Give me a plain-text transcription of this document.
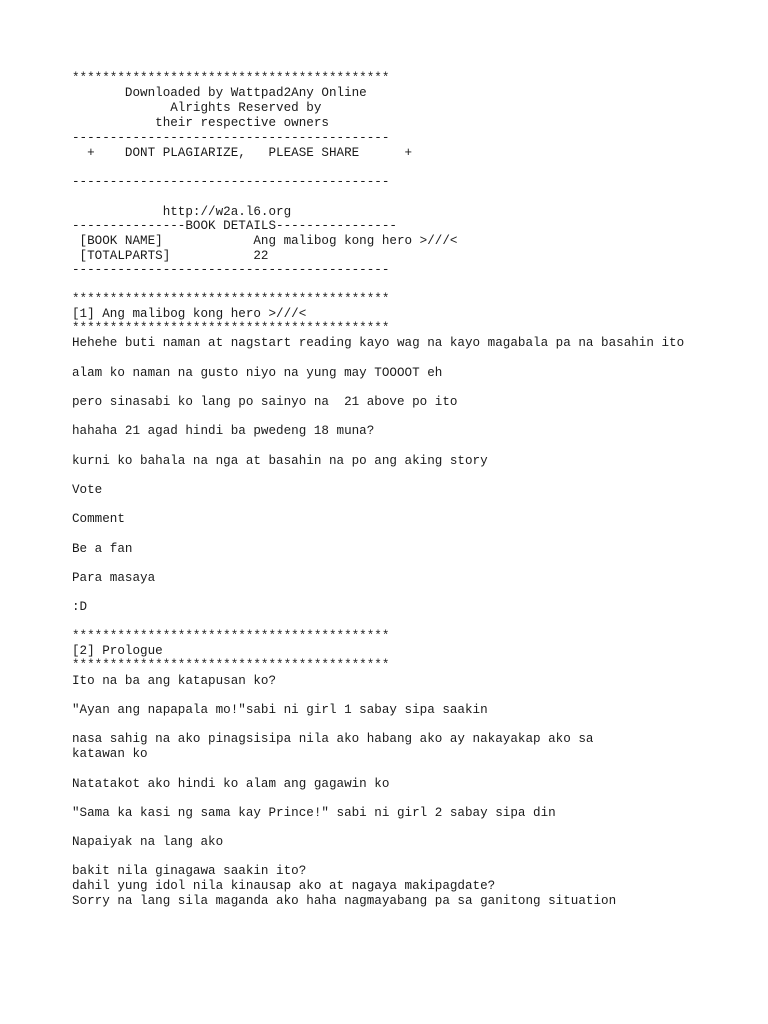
******************************************

Downloaded by Wattpad2Any Online

Alrights Reserved by

their respective owners

------------------------------------------

+    DONT PLAGIARIZE,   PLEASE SHARE      +

------------------------------------------

http://w2a.l6.org

---------------BOOK DETAILS----------------

[BOOK NAME]            Ang malibog kong hero >///<

[TOTALPARTS]           22

------------------------------------------

******************************************

[1] Ang malibog kong hero >///<

******************************************

Hehehe buti naman at nagstart reading kayo wag na kayo magabala pa na basahin ito

alam ko naman na gusto niyo na yung may TOOOOT eh

pero sinasabi ko lang po sainyo na  21 above po ito

hahaha 21 agad hindi ba pwedeng 18 muna?

kurni ko bahala na nga at basahin na po ang aking story

Vote

Comment

Be a fan

Para masaya

:D

******************************************

[2] Prologue

******************************************

Ito na ba ang katapusan ko?

"Ayan ang napapala mo!"sabi ni girl 1 sabay sipa saakin

nasa sahig na ako pinagsisipa nila ako habang ako ay nakayakap ako sa

katawan ko

Natatakot ako hindi ko alam ang gagawin ko

"Sama ka kasi ng sama kay Prince!" sabi ni girl 2 sabay sipa din

Napaiyak na lang ako

bakit nila ginagawa saakin ito?

dahil yung idol nila kinausap ako at nagaya makipagdate?

Sorry na lang sila maganda ako haha nagmayabang pa sa ganitong situation
